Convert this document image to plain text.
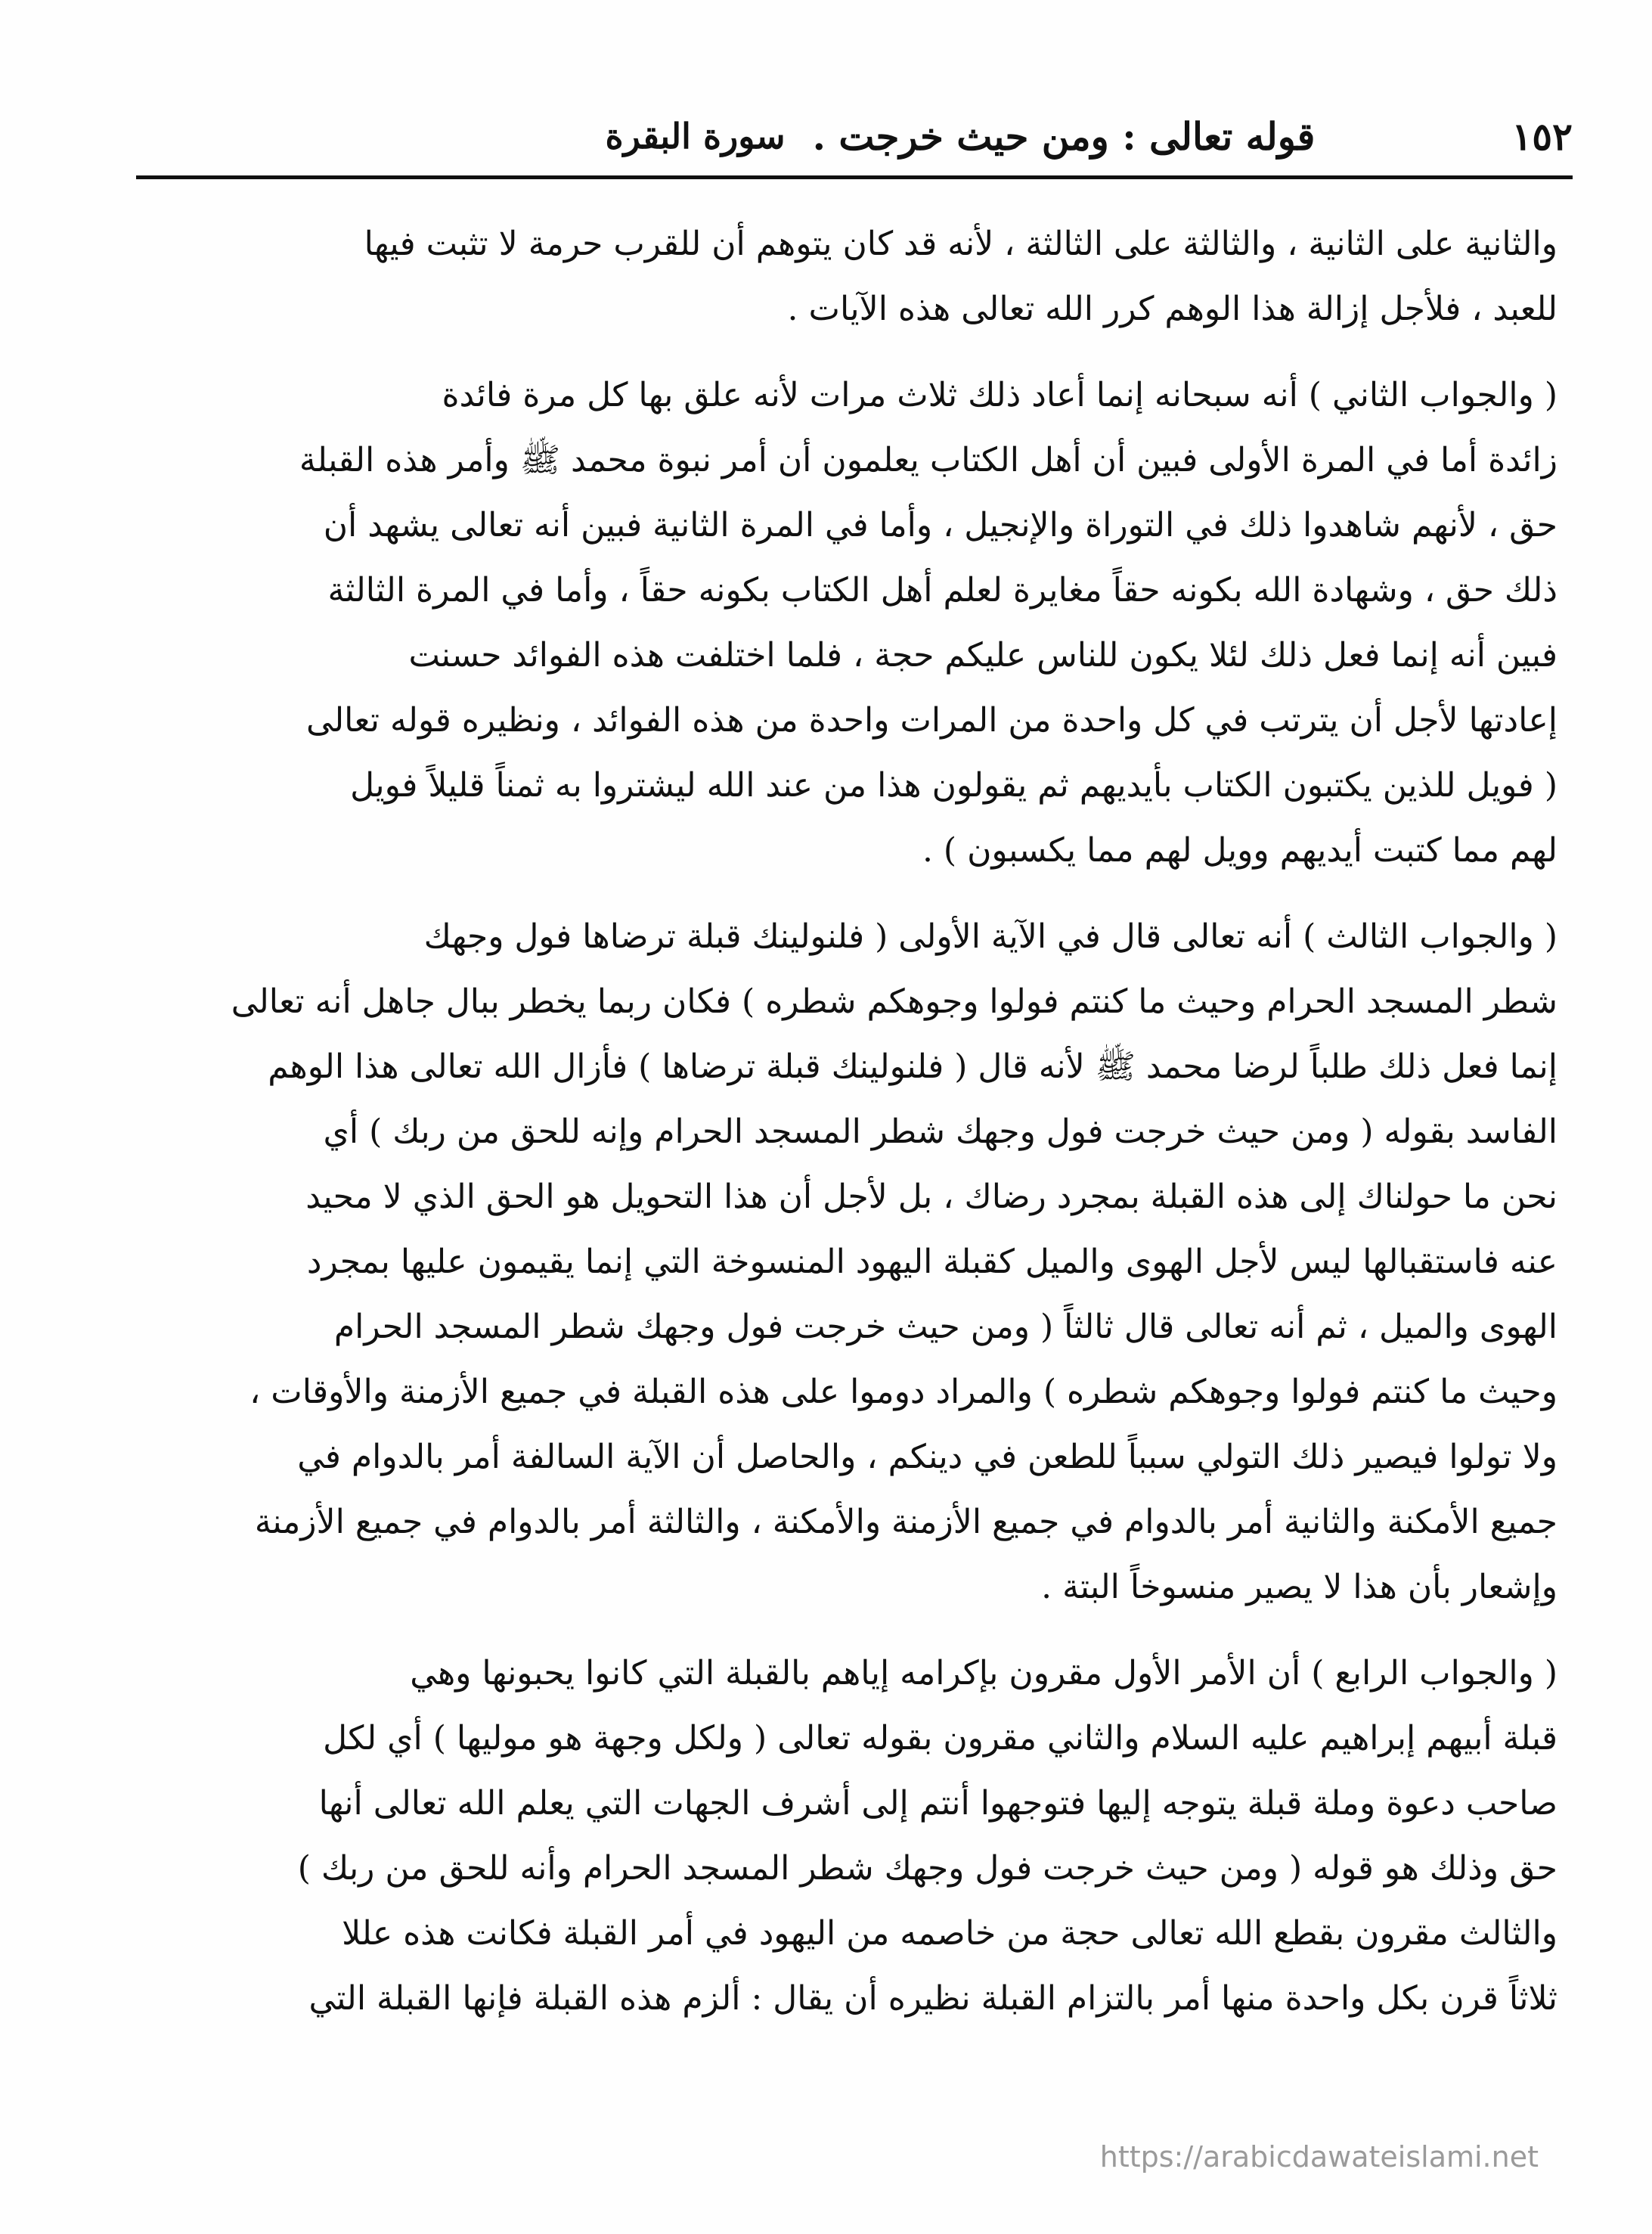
١٥٢
قوله تعالى : ومن حيث خرجت .
سورة البقرة

والثانية على الثانية ، والثالثة على الثالثة ، لأنه قد كان يتوهم أن للقرب حرمة لا تثبت فيها
للعبد ، فلأجل إزالة هذا الوهم كرر الله تعالى هذه الآيات .

( والجواب الثاني ) أنه سبحانه إنما أعاد ذلك ثلاث مرات لأنه علق بها كل مرة فائدة
زائدة أما في المرة الأولى فبين أن أهل الكتاب يعلمون أن أمر نبوة محمد ﷺ وأمر هذه القبلة
حق ، لأنهم شاهدوا ذلك في التوراة والإنجيل ، وأما في المرة الثانية فبين أنه تعالى يشهد أن
ذلك حق ، وشهادة الله بكونه حقاً مغايرة لعلم أهل الكتاب بكونه حقاً ، وأما في المرة الثالثة
فبين أنه إنما فعل ذلك لئلا يكون للناس عليكم حجة ، فلما اختلفت هذه الفوائد حسنت
إعادتها لأجل أن يترتب في كل واحدة من المرات واحدة من هذه الفوائد ، ونظيره قوله تعالى
( فويل للذين يكتبون الكتاب بأيديهم ثم يقولون هذا من عند الله ليشتروا به ثمناً قليلاً فويل
لهم مما كتبت أيديهم وويل لهم مما يكسبون ) .

( والجواب الثالث ) أنه تعالى قال في الآية الأولى ( فلنولينك قبلة ترضاها فول وجهك
شطر المسجد الحرام وحيث ما كنتم فولوا وجوهكم شطره ) فكان ربما يخطر ببال جاهل أنه تعالى
إنما فعل ذلك طلباً لرضا محمد ﷺ لأنه قال ( فلنولينك قبلة ترضاها ) فأزال الله تعالى هذا الوهم
الفاسد بقوله ( ومن حيث خرجت فول وجهك شطر المسجد الحرام وإنه للحق من ربك ) أي
نحن ما حولناك إلى هذه القبلة بمجرد رضاك ، بل لأجل أن هذا التحويل هو الحق الذي لا محيد
عنه فاستقبالها ليس لأجل الهوى والميل كقبلة اليهود المنسوخة التي إنما يقيمون عليها بمجرد
الهوى والميل ، ثم أنه تعالى قال ثالثاً ( ومن حيث خرجت فول وجهك شطر المسجد الحرام
وحيث ما كنتم فولوا وجوهكم شطره ) والمراد دوموا على هذه القبلة في جميع الأزمنة والأوقات ،
ولا تولوا فيصير ذلك التولي سبباً للطعن في دينكم ، والحاصل أن الآية السالفة أمر بالدوام في
جميع الأمكنة والثانية أمر بالدوام في جميع الأزمنة والأمكنة ، والثالثة أمر بالدوام في جميع الأزمنة
وإشعار بأن هذا لا يصير منسوخاً البتة .

( والجواب الرابع ) أن الأمر الأول مقرون بإكرامه إياهم بالقبلة التي كانوا يحبونها وهي
قبلة أبيهم إبراهيم عليه السلام والثاني مقرون بقوله تعالى ( ولكل وجهة هو موليها ) أي لكل
صاحب دعوة وملة قبلة يتوجه إليها فتوجهوا أنتم إلى أشرف الجهات التي يعلم الله تعالى أنها
حق وذلك هو قوله ( ومن حيث خرجت فول وجهك شطر المسجد الحرام وأنه للحق من ربك )
والثالث مقرون بقطع الله تعالى حجة من خاصمه من اليهود في أمر القبلة فكانت هذه عللا
ثلاثاً قرن بكل واحدة منها أمر بالتزام القبلة نظيره أن يقال : ألزم هذه القبلة فإنها القبلة التي

https://arabicdawateislami.net
